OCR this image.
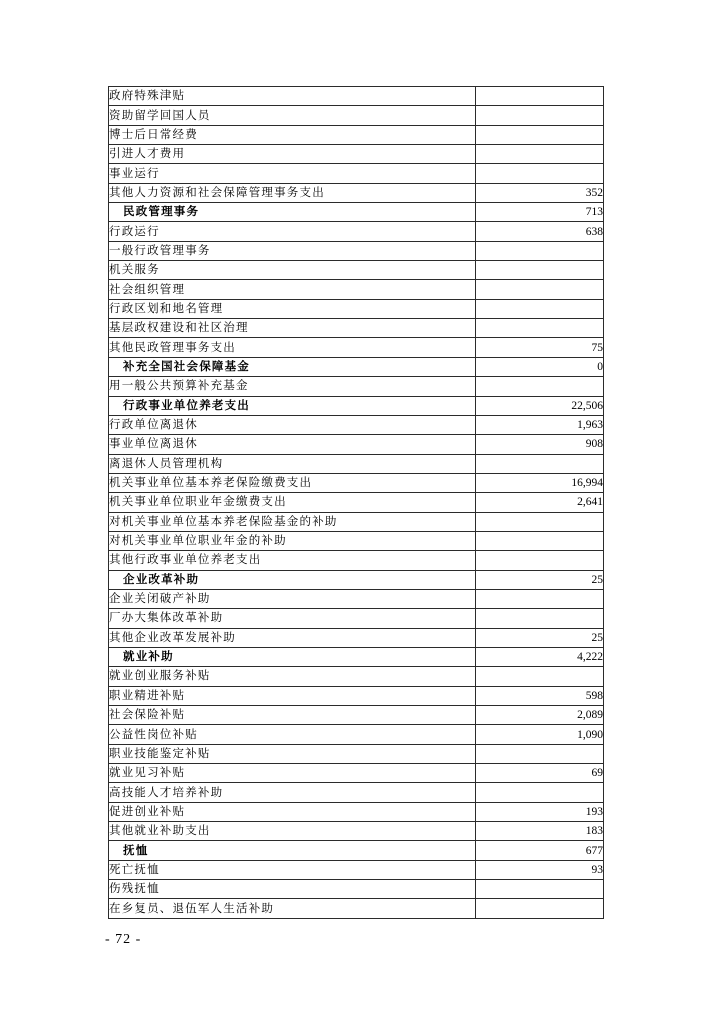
政府特殊津贴	
资助留学回国人员	
博士后日常经费	
引进人才费用	
事业运行	
其他人力资源和社会保障管理事务支出	352
民政管理事务	713
行政运行	638
一般行政管理事务	
机关服务	
社会组织管理	
行政区划和地名管理	
基层政权建设和社区治理	
其他民政管理事务支出	75
补充全国社会保障基金	0
用一般公共预算补充基金	
行政事业单位养老支出	22,506
行政单位离退休	1,963
事业单位离退休	908
离退休人员管理机构	
机关事业单位基本养老保险缴费支出	16,994
机关事业单位职业年金缴费支出	2,641
对机关事业单位基本养老保险基金的补助	
对机关事业单位职业年金的补助	
其他行政事业单位养老支出	
企业改革补助	25
企业关闭破产补助	
厂办大集体改革补助	
其他企业改革发展补助	25
就业补助	4,222
就业创业服务补贴	
职业精进补贴	598
社会保险补贴	2,089
公益性岗位补贴	1,090
职业技能鉴定补贴	
就业见习补贴	69
高技能人才培养补助	
促进创业补贴	193
其他就业补助支出	183
抚恤	677
死亡抚恤	93
伤残抚恤	
在乡复员、退伍军人生活补助	
- 72 -
